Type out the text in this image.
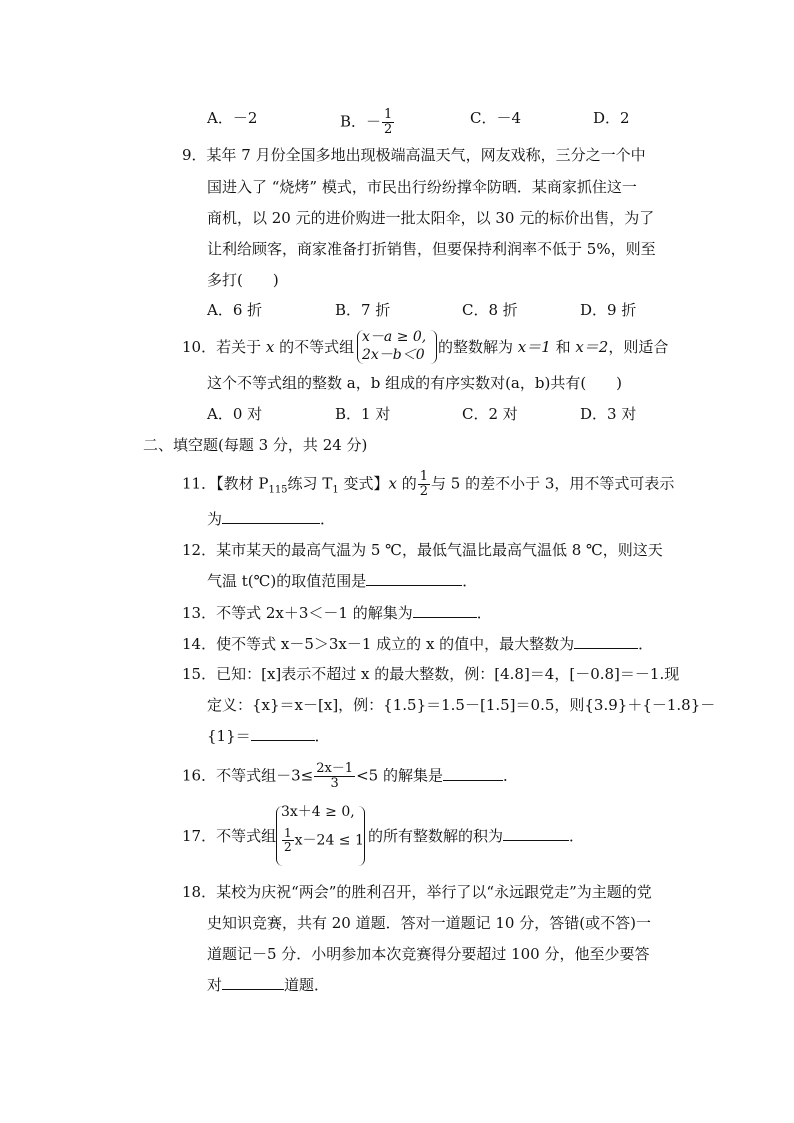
A．－2	B．－ $\frac{1}{2}$	C．－4	D．2
9．某年 7 月份全国多地出现极端高温天气，网友戏称，三分之一个中
国进入了 “烧烤” 模式，市民出行纷纷撑伞防晒．某商家抓住这一
商机，以 20 元的进价购进一批太阳伞，以 30 元的标价出售，为了
让利给顾客，商家准备打折销售，但要保持利润率不低于 5%，则至
多打(　　)
A．6 折	B．7 折	C．8 折	D．9 折
10．若关于 x 的不等式组
x－a ≥ 0,
2x－b＜0 的整数解为 x＝1 和 x＝2，则适合
这个不等式组的整数 a，b 组成的有序实数对(a，b)共有(　　)
A．0 对	B．1 对	C．2 对	D．3 对
二、填空题(每题 3 分，共 24 分)
11．【教材 $P_{115}$练习 $T_1$ 变式】x 的 $\frac{1}{2}$ 与 5 的差不小于 3，用不等式可表示
为	．
12．某市某天的最高气温为 5 ℃，最低气温比最高气温低 8 ℃，则这天
气温 t(℃)的取值范围是	．
13．不等式 2x＋3＜－1 的解集为	．
14．使不等式 x－5＞3x－1 成立的 x 的值中，最大整数为	．
15．已知：[x]表示不超过 x 的最大整数，例：[4.8]＝4，[－0.8]＝－1.现
定义：{x}＝x－[x]，例：{1.5}＝1.5－[1.5]＝0.5，则{3.9}＋{－1.8}－
{1}＝	．
16．不等式组$-3\le \frac{2x-1}{3} <5$ 的解集是	．
17．不等式组
3x＋4 ≥ 0,
$\frac{1}{2} x-24 \le 1$ 的所有整数解的积为	．
18．某校为庆祝“两会”的胜利召开，举行了以“永远跟党走”为主题的党
史知识竞赛，共有 20 道题．答对一道题记 10 分，答错(或不答)一
道题记－5 分．小明参加本次竞赛得分要超过 100 分，他至少要答
对	道题．
